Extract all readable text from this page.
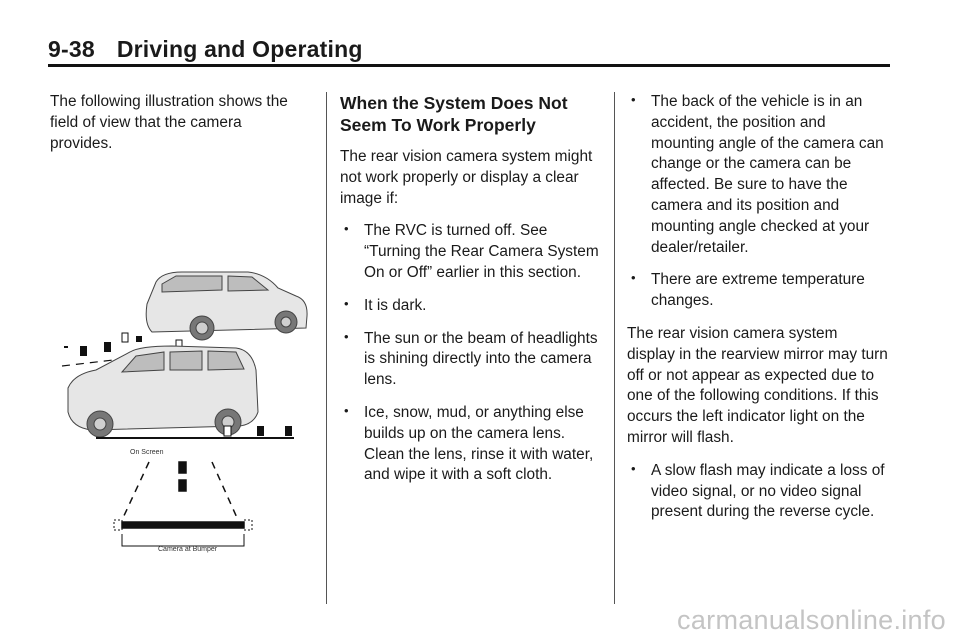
9-38 Driving and Operating

The following illustration shows the field of view that the camera provides.

On Screen
Camera at Bumper
When the System Does Not Seem To Work Properly

The rear vision camera system might not work properly or display a clear image if:

• The RVC is turned off. See “Turning the Rear Camera System On or Off” earlier in this section.
• It is dark.
• The sun or the beam of headlights is shining directly into the camera lens.
• Ice, snow, mud, or anything else builds up on the camera lens. Clean the lens, rinse it with water, and wipe it with a soft cloth.
• The back of the vehicle is in an accident, the position and mounting angle of the camera can change or the camera can be affected. Be sure to have the camera and its position and mounting angle checked at your dealer/retailer.
• There are extreme temperature changes.

The rear vision camera system display in the rearview mirror may turn off or not appear as expected due to one of the following conditions. If this occurs the left indicator light on the mirror will flash.

• A slow flash may indicate a loss of video signal, or no video signal present during the reverse cycle.
carmanualsonline.info
